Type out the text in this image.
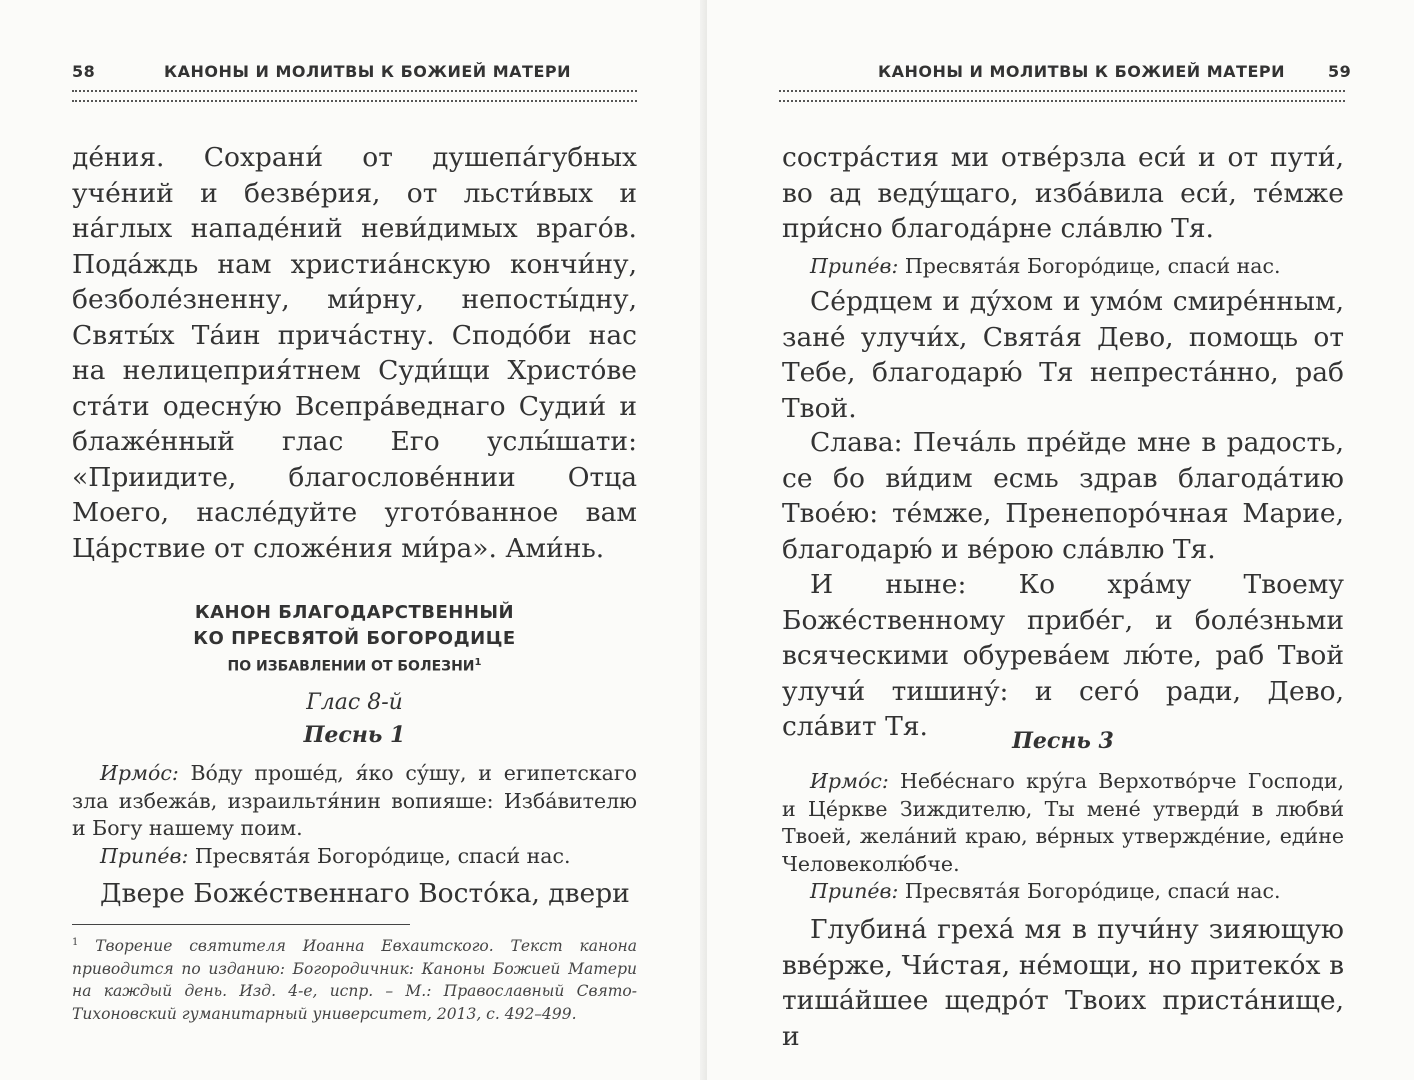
58	КАНОНЫ И МОЛИТВЫ К БОЖИЕЙ МАТЕРИ

де́ния. Сохрани́ от душепа́губных уче́ний и безве́рия, от льсти́вых и на́глых нападе́ний неви́димых враго́в. Пода́ждь нам христиа́нскую кончи́ну, безболе́зненну, ми́рну, непосты́дну, Святы́х Та́ин прича́стну. Сподо́би нас на нелицеприя́тнем Суди́щи Христо́ве ста́ти одесну́ю Всепра́веднаго Судии́ и блаже́нный глас Его услы́шати: «Приидите, благослове́ннии Отца Моего, насле́дуйте угото́ванное вам Ца́рствие от сложе́ния ми́ра». Ами́нь.

КАНОН БЛАГОДАРСТВЕННЫЙ
КО ПРЕСВЯТОЙ БОГОРОДИЦЕ
ПО ИЗБАВЛЕНИИ ОТ БОЛЕЗНИ$^1$
Глас 8-й
Песнь 1

Ирмо́с: Во́ду проше́д, я́ко су́шу, и египетскаго зла избежа́в, израильтя́нин вопияше: Изба́вителю и Богу нашему поим.

Припе́в: Пресвята́я Богоро́дице, спаси́ нас.

Двере Боже́ственнаго Восто́ка, двери

$^1$ Творение святителя Иоанна Евхаитского. Текст канона приводится по изданию: Богородичник: Каноны Божией Матери на каждый день. Изд. 4-е, испр. – М.: Православный Свято-Тихоновский гуманитарный университет, 2013, с. 492–499.
КАНОНЫ И МОЛИТВЫ К БОЖИЕЙ МАТЕРИ	59

сострáстия ми отве́рзла еси́ и от пути́, во ад веду́щаго, изба́вила еси́, те́мже при́сно благода́рне сла́влю Тя.

Припе́в: Пресвята́я Богоро́дице, спаси́ нас.

Се́рдцем и ду́хом и умо́м смире́нным, зане́ улучи́х, Свята́я Дево, помощь от Тебе, благодарю́ Тя непреста́нно, раб Твой.

Слава: Печа́ль пре́йде мне в радость, се бо ви́дим есмь здрав благода́тию Твое́ю: те́мже, Пренепоро́чная Марие, благодарю́ и ве́рою сла́влю Тя.

И ныне: Ко хра́му Твоему Боже́ственному прибе́г, и боле́зньми всяческими обурева́ем лю́те, раб Твой улучи́ тишину́: и сего́ ради, Дево, сла́вит Тя.	Песнь 3

Ирмо́с: Небе́снаго кру́га Верхотво́рче Господи, и Це́ркве Зиждителю, Ты мене́ утверди́ в любви́ Твоей, жела́ний краю, ве́рных утвержде́ние, еди́не Человеколю́бче.

Припе́в: Пресвята́я Богоро́дице, спаси́ нас.

Глубина́ греха́ мя в пучи́ну зияющую вве́рже, Чи́стая, не́мощи, но притеко́х в тиша́йшее щедро́т Твоих приста́нище, и
